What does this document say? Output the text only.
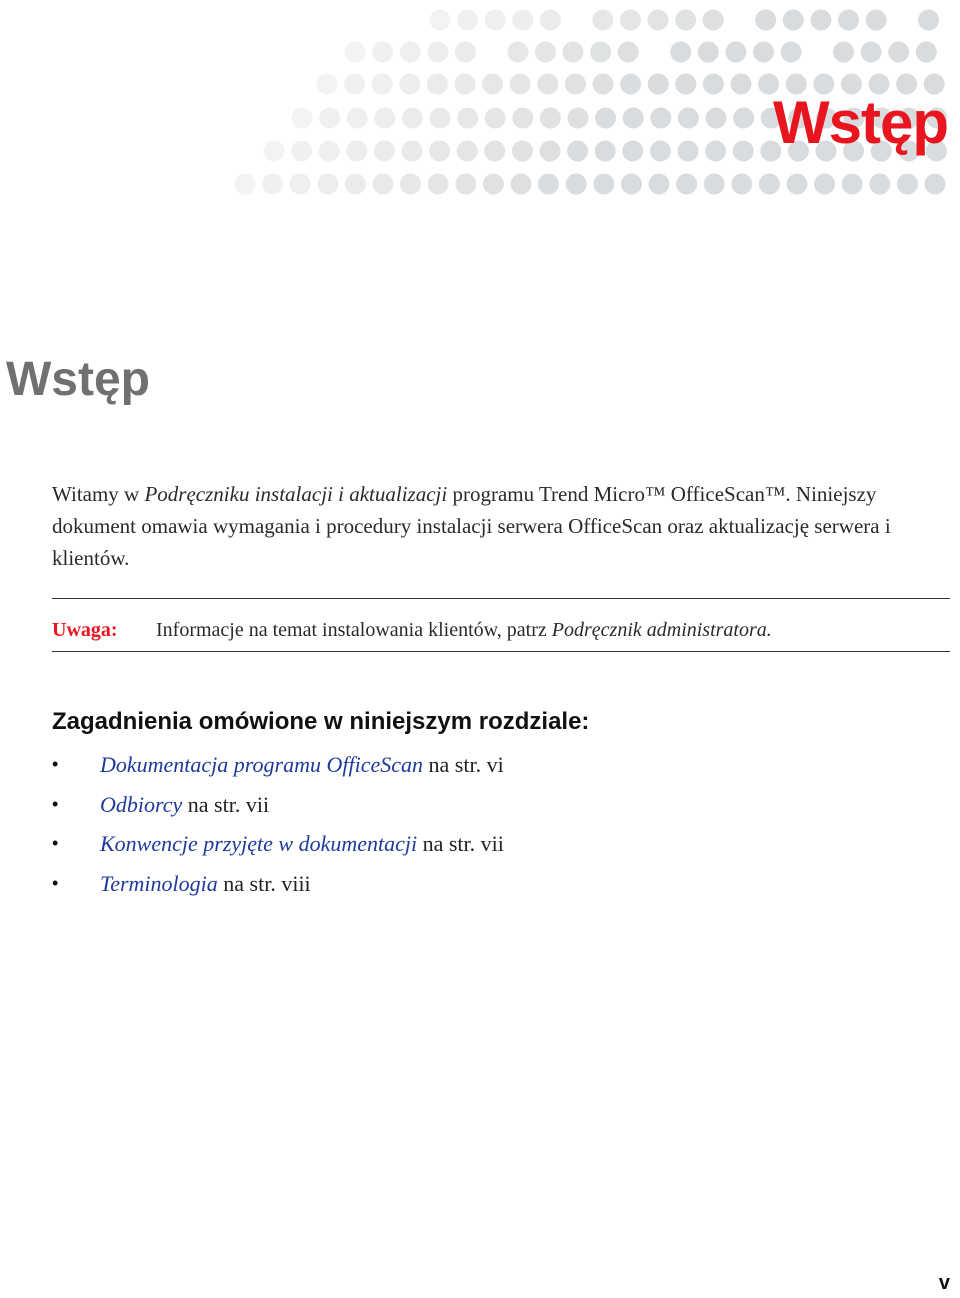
Wstęp
Wstęp
Witamy w Podręczniku instalacji i aktualizacji programu Trend Micro™ OfficeScan™. Niniejszy dokument omawia wymagania i procedury instalacji serwera OfficeScan oraz aktualizację serwera i klientów.
Uwaga: Informacje na temat instalowania klientów, patrz Podręcznik administratora.
Zagadnienia omówione w niniejszym rozdziale:
• Dokumentacja programu OfficeScan na str. vi
• Odbiorcy na str. vii
• Konwencje przyjęte w dokumentacji na str. vii
• Terminologia na str. viii
v
